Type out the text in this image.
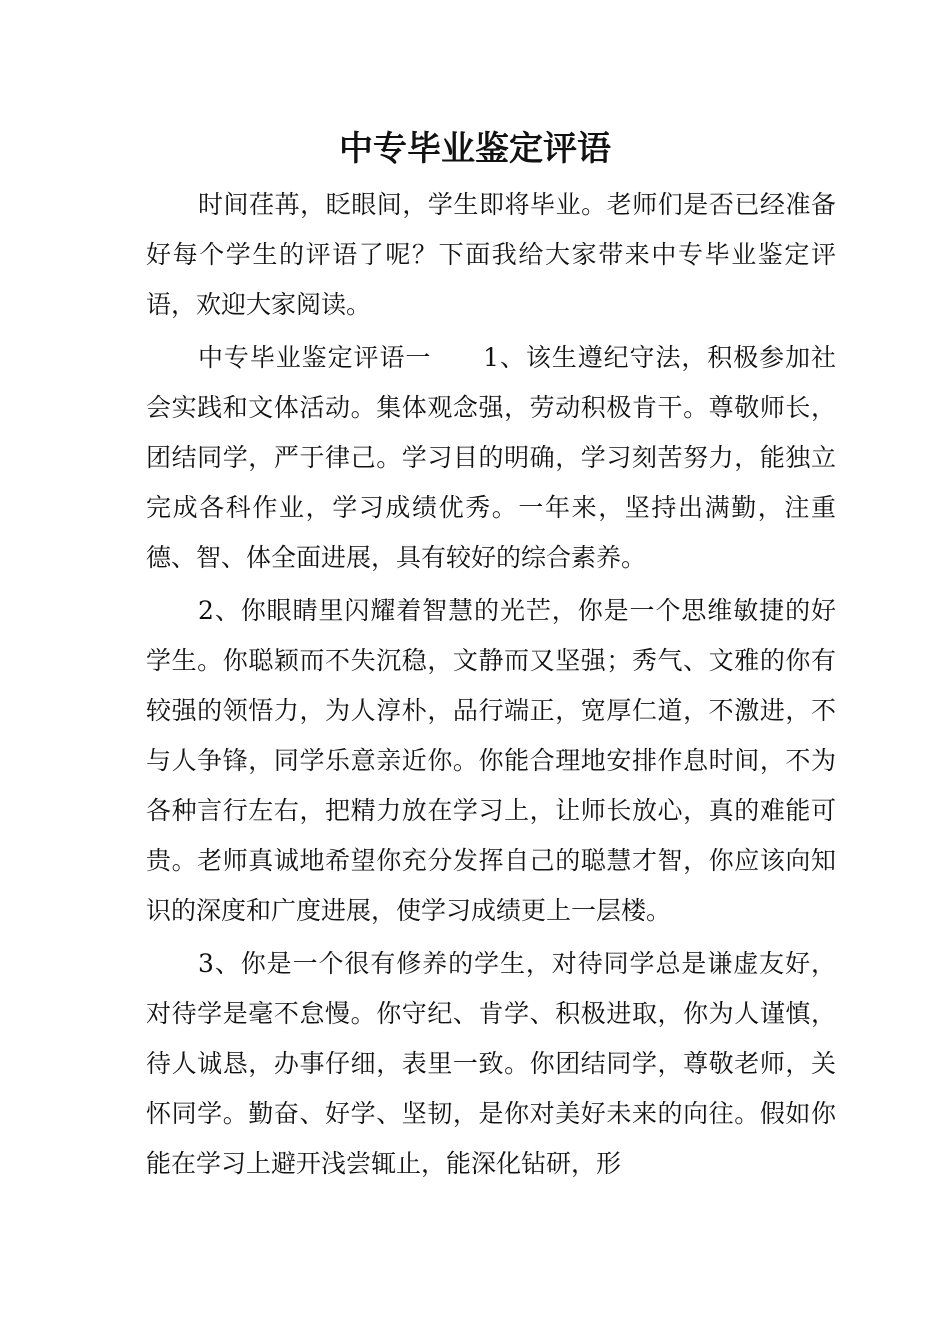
中专毕业鉴定评语

时间荏苒，眨眼间，学生即将毕业。老师们是否已经准备好每个学生的评语了呢？下面我给大家带来中专毕业鉴定评语，欢迎大家阅读。

中专毕业鉴定评语一　　1、该生遵纪守法，积极参加社会实践和文体活动。集体观念强，劳动积极肯干。尊敬师长，团结同学，严于律己。学习目的明确，学习刻苦努力，能独立完成各科作业，学习成绩优秀。一年来，坚持出满勤，注重德、智、体全面进展，具有较好的综合素养。

2、你眼睛里闪耀着智慧的光芒，你是一个思维敏捷的好学生。你聪颖而不失沉稳，文静而又坚强；秀气、文雅的你有较强的领悟力，为人淳朴，品行端正，宽厚仁道，不激进，不与人争锋，同学乐意亲近你。你能合理地安排作息时间，不为各种言行左右，把精力放在学习上，让师长放心，真的难能可贵。老师真诚地希望你充分发挥自己的聪慧才智，你应该向知识的深度和广度进展，使学习成绩更上一层楼。

3、你是一个很有修养的学生，对待同学总是谦虚友好，对待学是毫不怠慢。你守纪、肯学、积极进取，你为人谨慎，待人诚恳，办事仔细，表里一致。你团结同学，尊敬老师，关怀同学。勤奋、好学、坚韧，是你对美好未来的向往。假如你能在学习上避开浅尝辄止，能深化钻研，形
